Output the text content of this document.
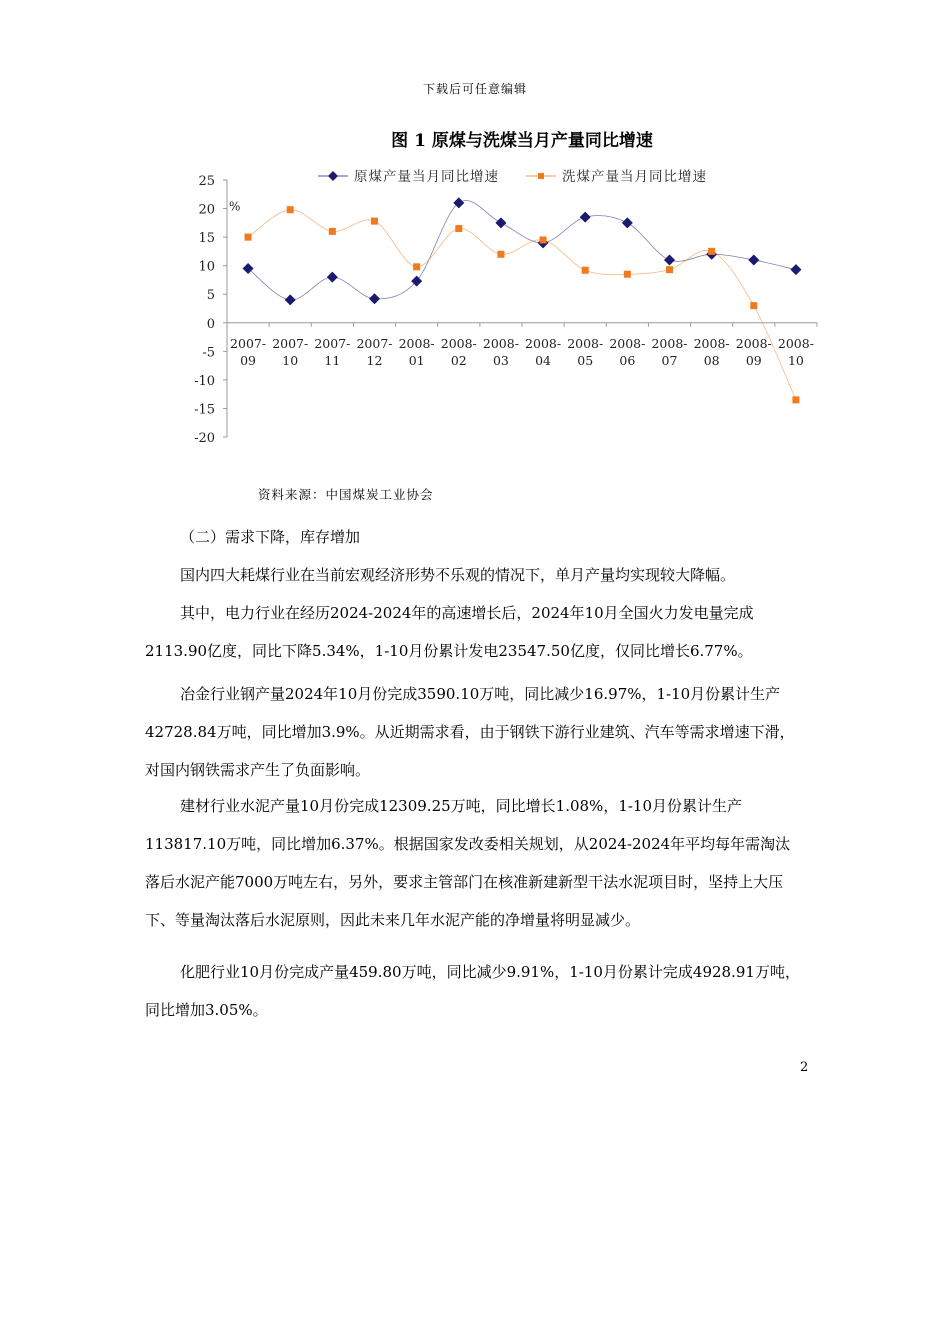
下载后可任意编辑
图 1 原煤与洗煤当月产量同比增速
25
20
15
10
5
0
-5
-10
-15
-20
%
2007-09
2007-10
2007-11
2007-12
2008-01
2008-02
2008-03
2008-04
2008-05
2008-06
2008-07
2008-08
2008-09
2008-10
原煤产量当月同比增速	洗煤产量当月同比增速
资料来源：中国煤炭工业协会

（二）需求下降，库存增加

国内四大耗煤行业在当前宏观经济形势不乐观的情况下，单月产量均实现较大降幅。

其中，电力行业在经历2024-2024年的高速增长后，2024年10月全国火力发电量完成2113.90亿度，同比下降5.34%，1-10月份累计发电23547.50亿度，仅同比增长6.77%。

冶金行业钢产量2024年10月份完成3590.10万吨，同比减少16.97%，1-10月份累计生产42728.84万吨，同比增加3.9%。从近期需求看，由于钢铁下游行业建筑、汽车等需求增速下滑，对国内钢铁需求产生了负面影响。

建材行业水泥产量10月份完成12309.25万吨，同比增长1.08%，1-10月份累计生产113817.10万吨，同比增加6.37%。根据国家发改委相关规划，从2024-2024年平均每年需淘汰落后水泥产能7000万吨左右，另外，要求主管部门在核准新建新型干法水泥项目时，坚持上大压下、等量淘汰落后水泥原则，因此未来几年水泥产能的净增量将明显减少。

化肥行业10月份完成产量459.80万吨，同比减少9.91%，1-10月份累计完成4928.91万吨，同比增加3.05%。

2
